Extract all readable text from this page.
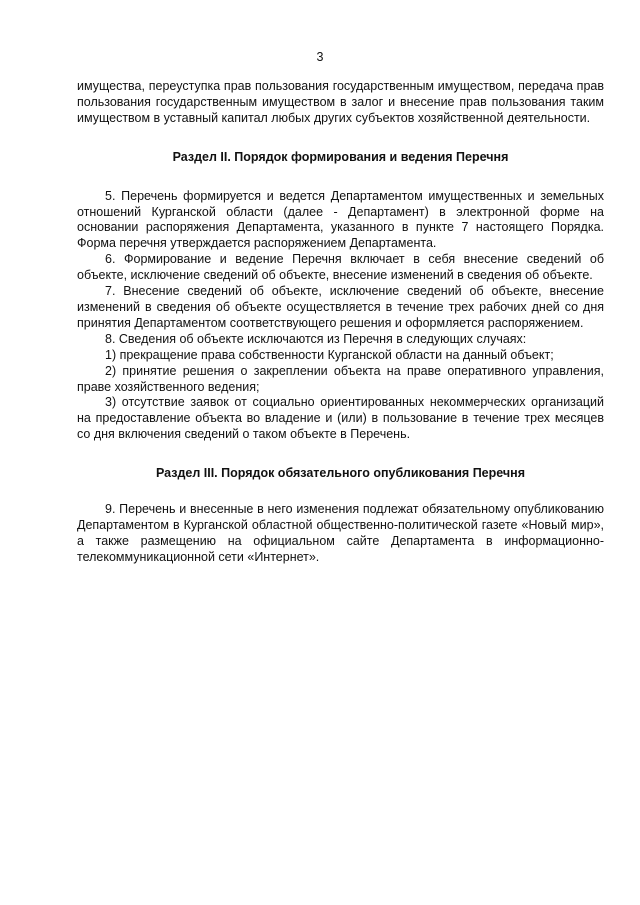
3

имущества, переуступка прав пользования государственным имуществом, передача прав пользования государственным имуществом в залог и внесение прав пользования таким имуществом в уставный капитал любых других субъектов хозяйственной деятельности.

Раздел II. Порядок формирования и ведения Перечня

5. Перечень формируется и ведется Департаментом имущественных и земельных отношений Курганской области (далее - Департамент) в электронной форме на основании распоряжения Департамента, указанного в пункте 7 настоящего Порядка. Форма перечня утверждается распоряжением Департамента.

6. Формирование и ведение Перечня включает в себя внесение сведений об объекте, исключение сведений об объекте, внесение изменений в сведения об объекте.

7. Внесение сведений об объекте, исключение сведений об объекте, внесение изменений в сведения об объекте осуществляется в течение трех рабочих дней со дня принятия Департаментом соответствующего решения и оформляется распоряжением.

8. Сведения об объекте исключаются из Перечня в следующих случаях:

1) прекращение права собственности Курганской области на данный объект;

2) принятие решения о закреплении объекта на праве оперативного управления, праве хозяйственного ведения;

3) отсутствие заявок от социально ориентированных некоммерческих организаций на предоставление объекта во владение и (или) в пользование в течение трех месяцев со дня включения сведений о таком объекте в Перечень.

Раздел III. Порядок обязательного опубликования Перечня

9. Перечень и внесенные в него изменения подлежат обязательному опубликованию Департаментом в Курганской областной общественно-политической газете «Новый мир», а также размещению на официальном сайте Департамента в информационно-телекоммуникационной сети «Интернет».
